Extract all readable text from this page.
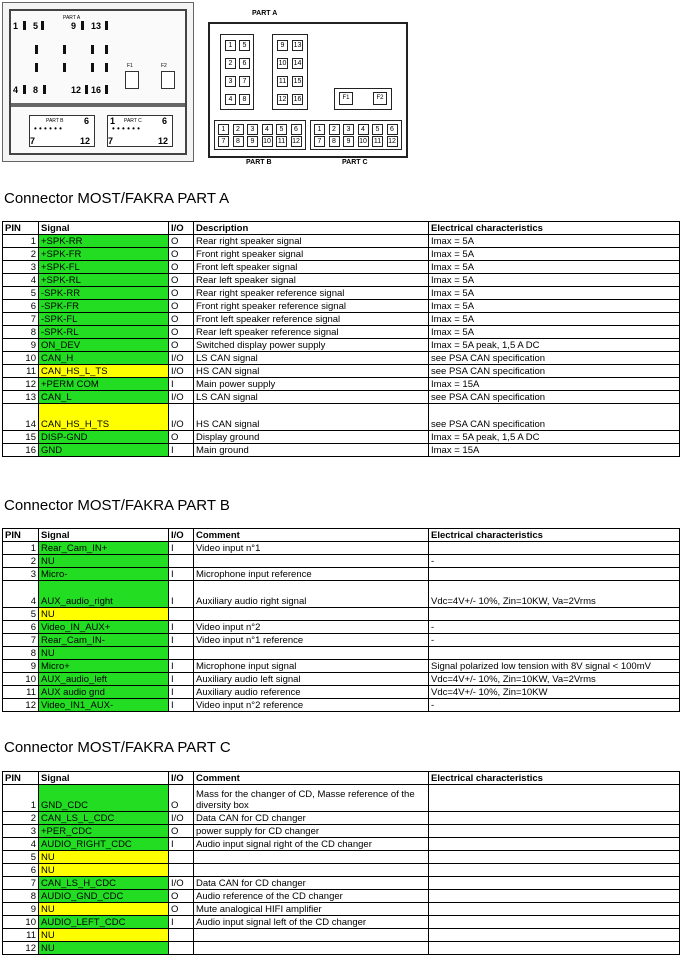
1 5
PART A
9 13
F1	F2
4 8	12 16
PART B 6
• • • • • •
7	12
1 PART C 6
• • • • • •
7	12
PART A
1
2
3
4
5
6
7
8
9
10
11
12
13
14
15
16	F1	F2
1	2	3	4	5	6
7	8	9	10 11 12
1	2	3	4	5	6
7	8	9	10 11 12
PART B	PART C
Connector MOST/FAKRA PART A
PIN	Signal	I/O	Description	Electrical characteristics
1	+SPK-RR	O	Rear right speaker signal	Imax = 5A
2	+SPK-FR	O	Front right speaker signal	Imax = 5A
3	+SPK-FL	O	Front left speaker signal	Imax = 5A
4	+SPK-RL	O	Rear left speaker signal	Imax = 5A
5	-SPK-RR	O	Rear right speaker reference signal	Imax = 5A
6	-SPK-FR	O	Front right speaker reference signal	Imax = 5A
7	-SPK-FL	O	Front left speaker reference signal	Imax = 5A
8	-SPK-RL	O	Rear left speaker reference signal	Imax = 5A
9	ON_DEV	O	Switched display power supply	Imax = 5A peak, 1,5 A DC
10	CAN_H	I/O	LS CAN signal	see PSA CAN specification
11	CAN_HS_L_TS	I/O	HS CAN signal	see PSA CAN specification
12	+PERM COM	I	Main power supply	Imax = 15A
13	CAN_L	I/O	LS CAN signal	see PSA CAN specification
14	CAN_HS_H_TS	I/O	HS CAN signal	see PSA CAN specification
15	DISP-GND	O	Display ground	Imax = 5A peak, 1,5 A DC
16	GND	I	Main ground	Imax = 15A
Connector MOST/FAKRA PART B
PIN	Signal	I/O	Comment	Electrical characteristics
1	Rear_Cam_IN+	I	Video input n°1	
2	NU			-
3	Micro-	I	Microphone input reference	
4	AUX_audio_right	I	Auxiliary audio right signal	Vdc=4V+/- 10%, Zin=10KW, Va=2Vrms
5	NU			
6	Video_IN_AUX+	I	Video input n°2	-
7	Rear_Cam_IN-	I	Video input n°1 reference	-
8	NU			
9	Micro+	I	Microphone input signal	Signal polarized low tension with 8V signal < 100mV
10	AUX_audio_left	I	Auxiliary audio left signal	Vdc=4V+/- 10%, Zin=10KW, Va=2Vrms
11	AUX audio gnd	I	Auxiliary audio reference	Vdc=4V+/- 10%, Zin=10KW
12	Video_IN1_AUX-	I	Video input n°2 reference	-
Connector MOST/FAKRA PART C
PIN	Signal	I/O	Comment	Electrical characteristics
1	GND_CDC	O	Mass for the changer of CD, Masse reference of the diversity box	
2	CAN_LS_L_CDC	I/O	Data CAN for CD changer	
3	+PER_CDC	O	power supply for CD changer	
4	AUDIO_RIGHT_CDC	I	Audio input signal right of the CD changer	
5	NU			
6	NU			
7	CAN_LS_H_CDC	I/O	Data CAN for CD changer	
8	AUDIO_GND_CDC	O	Audio reference of the CD changer	
9	NU	O	Mute analogical HIFI amplifier	
10	AUDIO_LEFT_CDC	I	Audio input signal left of the CD changer	
11	NU			
12	NU			
